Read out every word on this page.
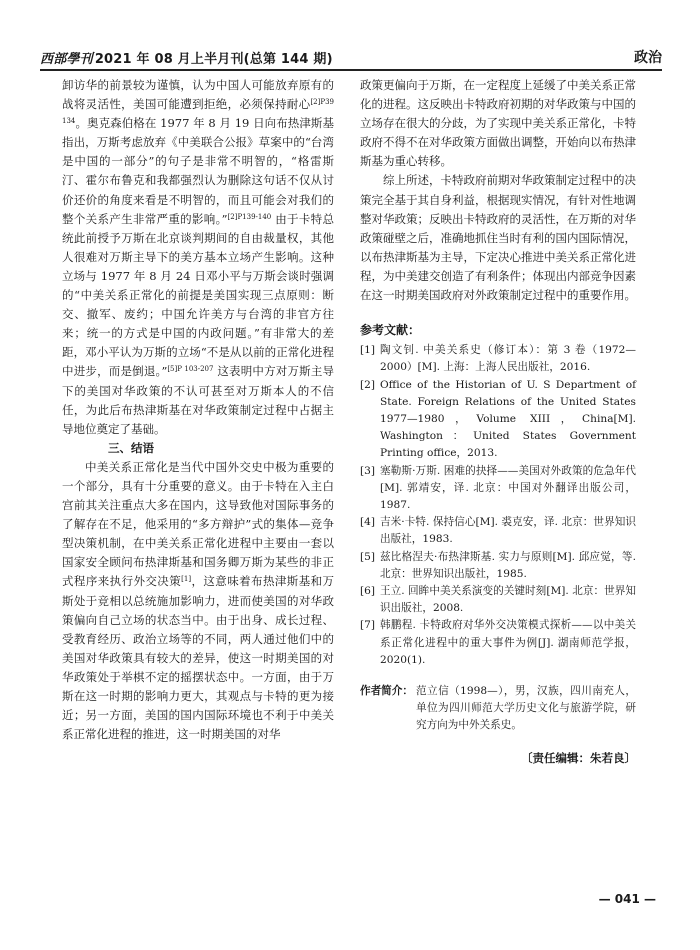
西部學刊 2021 年 08 月上半月刊(总第 144 期)	政治

卸访华的前景较为谨慎，认为中国人可能放弃原有的战将灵活性，美国可能遭到拒绝，必须保持耐心$^{[2]P39 134}$。奥克森伯格在 1977 年 8 月 19 日向布热津斯基指出，万斯考虑放弃《中美联合公报》草案中的“台湾是中国的一部分”的句子是非常不明智的，“格雷斯汀、霍尔布鲁克和我都强烈认为删除这句话不仅从讨价还价的角度来看是不明智的，而且可能会对我们的整个关系产生非常严重的影响。”$^{[2]P139-140}$ 由于卡特总统此前授予万斯在北京谈判期间的自由裁量权，其他人很难对万斯主导下的美方基本立场产生影响。这种立场与 1977 年 8 月 24 日邓小平与万斯会谈时强调的“中美关系正常化的前提是美国实现三点原则：断交、撤军、废约；中国允许美方与台湾的非官方往来；统一的方式是中国的内政问题。”有非常大的差距，邓小平认为万斯的立场“不是从以前的正常化进程中进步，而是倒退。”$^{[5]P 103-207}$ 这表明中方对万斯主导下的美国对华政策的不认可甚至对万斯本人的不信任，为此后布热津斯基在对华政策制定过程中占据主导地位奠定了基础。

三、结语

中美关系正常化是当代中国外交史中极为重要的一个部分，具有十分重要的意义。由于卡特在入主白宫前其关注重点大多在国内，这导致他对国际事务的了解存在不足，他采用的“多方辩护”式的集体—竞争型决策机制，在中美关系正常化进程中主要由一套以国家安全顾问布热津斯基和国务卿万斯为某些的非正式程序来执行外交决策[1]，这意味着布热津斯基和万斯处于竞相以总统施加影响力，进而使美国的对华政策偏向自己立场的状态当中。由于出身、成长过程、受教育经历、政治立场等的不同，两人通过他们中的美国对华政策具有较大的差异，使这一时期美国的对华政策处于举棋不定的摇摆状态中。一方面，由于万斯在这一时期的影响力更大，其观点与卡特的更为接近；另一方面，美国的国内国际环境也不利于中美关系正常化进程的推进，这一时期美国的对华

政策更偏向于万斯，在一定程度上延缓了中美关系正常化的进程。这反映出卡特政府初期的对华政策与中国的立场存在很大的分歧，为了实现中美关系正常化，卡特政府不得不在对华政策方面做出调整，开始向以布热津斯基为重心转移。

综上所述，卡特政府前期对华政策制定过程中的决策完全基于其自身利益，根据现实情况，有针对性地调整对华政策；反映出卡特政府的灵活性，在万斯的对华政策碰壁之后，准确地抓住当时有利的国内国际情况，以布热津斯基为主导，下定决心推进中美关系正常化进程，为中美建交创造了有利条件；体现出内部竞争因素在这一时期美国政府对外政策制定过程中的重要作用。

参考文献：
[1] 陶文钊. 中美关系史（修订本）：第 3 卷（1972—2000）[M]. 上海：上海人民出版社，2016.
[2] Office of the Historian of U. S Department of State. Foreign Relations of the United States 1977—1980，Volume XIII，China[M]. Washington：United States Government Printing office，2013.
[3] 塞勒斯·万斯. 困难的抉择——美国对外政策的危急年代[M]. 郭靖安，译. 北京：中国对外翻译出版公司，1987.
[4] 吉米·卡特. 保持信心[M]. 裘克安，译. 北京：世界知识出版社，1983.
[5] 兹比格涅夫·布热津斯基. 实力与原则[M]. 邱应觉，等. 北京：世界知识出版社，1985.
[6] 王立. 回眸中美关系演变的关键时刻[M]. 北京：世界知识出版社，2008.
[7] 韩鹏程. 卡特政府对华外交决策模式探析——以中美关系正常化进程中的重大事件为例[J]. 湖南师范学报，2020(1).
作者简介： 范立信（1998—），男，汉族，四川南充人，单位为四川师范大学历史文化与旅游学院，研究方向为中外关系史。
〔责任编辑：朱若良〕
— 041 —
